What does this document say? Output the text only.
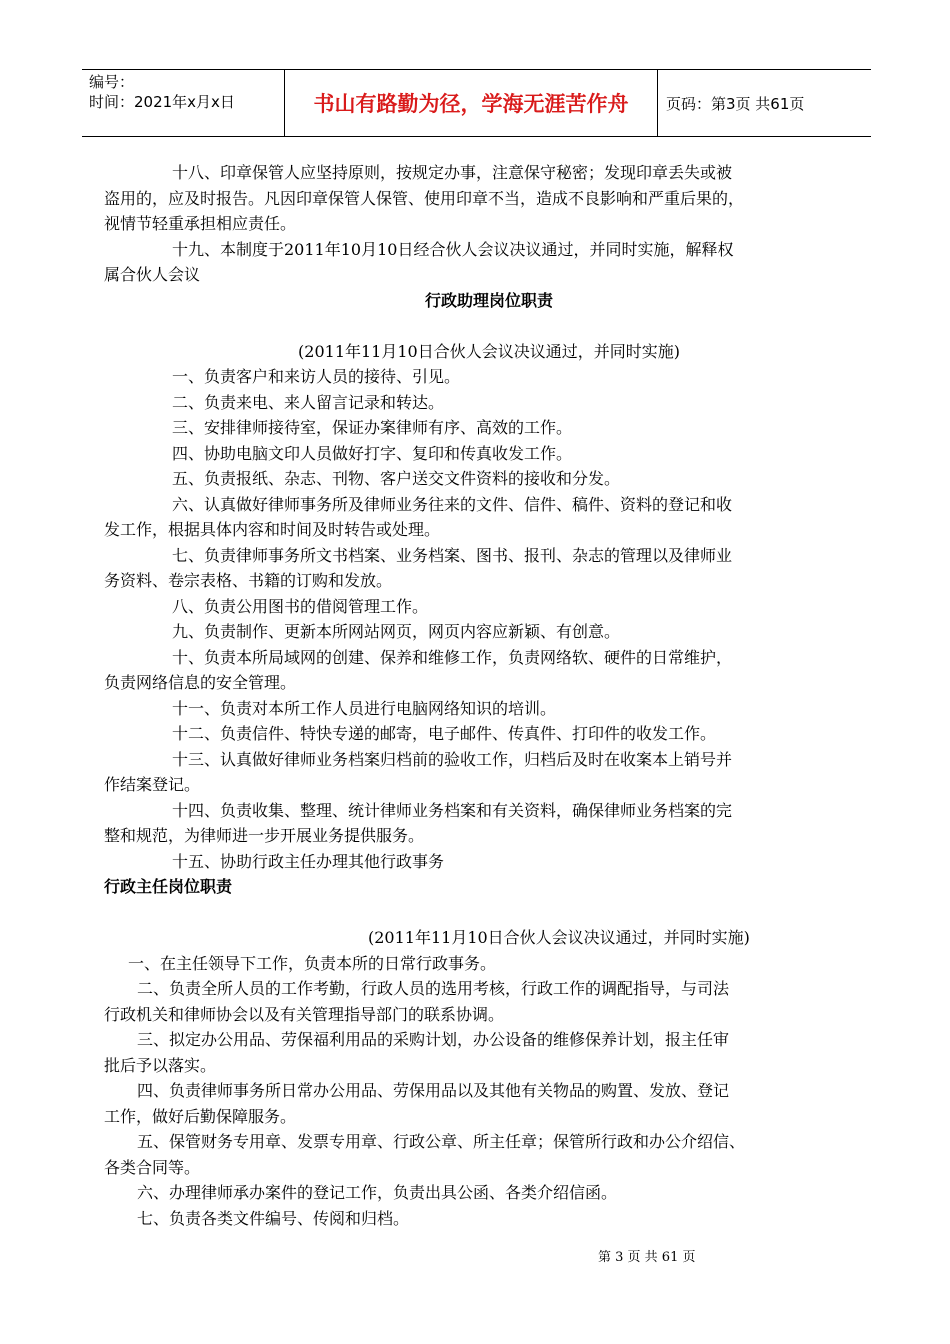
编号：
时间：2021年x月x日	书山有路勤为径，学海无涯苦作舟	页码：第3页 共61页
十八、印章保管人应坚持原则，按规定办事，注意保守秘密；发现印章丢失或被
盗用的，应及时报告。凡因印章保管人保管、使用印章不当，造成不良影响和严重后果的，
视情节轻重承担相应责任。
十九、本制度于2011年10月10日经合伙人会议决议通过，并同时实施，解释权
属合伙人会议
行政助理岗位职责
(2011年11月10日合伙人会议决议通过，并同时实施)
一、负责客户和来访人员的接待、引见。
二、负责来电、来人留言记录和转达。
三、安排律师接待室，保证办案律师有序、高效的工作。
四、协助电脑文印人员做好打字、复印和传真收发工作。
五、负责报纸、杂志、刊物、客户送交文件资料的接收和分发。
六、认真做好律师事务所及律师业务往来的文件、信件、稿件、资料的登记和收
发工作，根据具体内容和时间及时转告或处理。
七、负责律师事务所文书档案、业务档案、图书、报刊、杂志的管理以及律师业
务资料、卷宗表格、书籍的订购和发放。
八、负责公用图书的借阅管理工作。
九、负责制作、更新本所网站网页，网页内容应新颖、有创意。
十、负责本所局域网的创建、保养和维修工作，负责网络软、硬件的日常维护，
负责网络信息的安全管理。
十一、负责对本所工作人员进行电脑网络知识的培训。
十二、负责信件、特快专递的邮寄，电子邮件、传真件、打印件的收发工作。
十三、认真做好律师业务档案归档前的验收工作，归档后及时在收案本上销号并
作结案登记。
十四、负责收集、整理、统计律师业务档案和有关资料，确保律师业务档案的完
整和规范，为律师进一步开展业务提供服务。
十五、协助行政主任办理其他行政事务
行政主任岗位职责
(2011年11月10日合伙人会议决议通过，并同时实施)
一、在主任领导下工作，负责本所的日常行政事务。
二、负责全所人员的工作考勤，行政人员的选用考核，行政工作的调配指导，与司法
行政机关和律师协会以及有关管理指导部门的联系协调。
三、拟定办公用品、劳保福利用品的采购计划，办公设备的维修保养计划，报主任审
批后予以落实。
四、负责律师事务所日常办公用品、劳保用品以及其他有关物品的购置、发放、登记
工作，做好后勤保障服务。
五、保管财务专用章、发票专用章、行政公章、所主任章；保管所行政和办公介绍信、
各类合同等。
六、办理律师承办案件的登记工作，负责出具公函、各类介绍信函。
七、负责各类文件编号、传阅和归档。
第 3 页 共 61 页
